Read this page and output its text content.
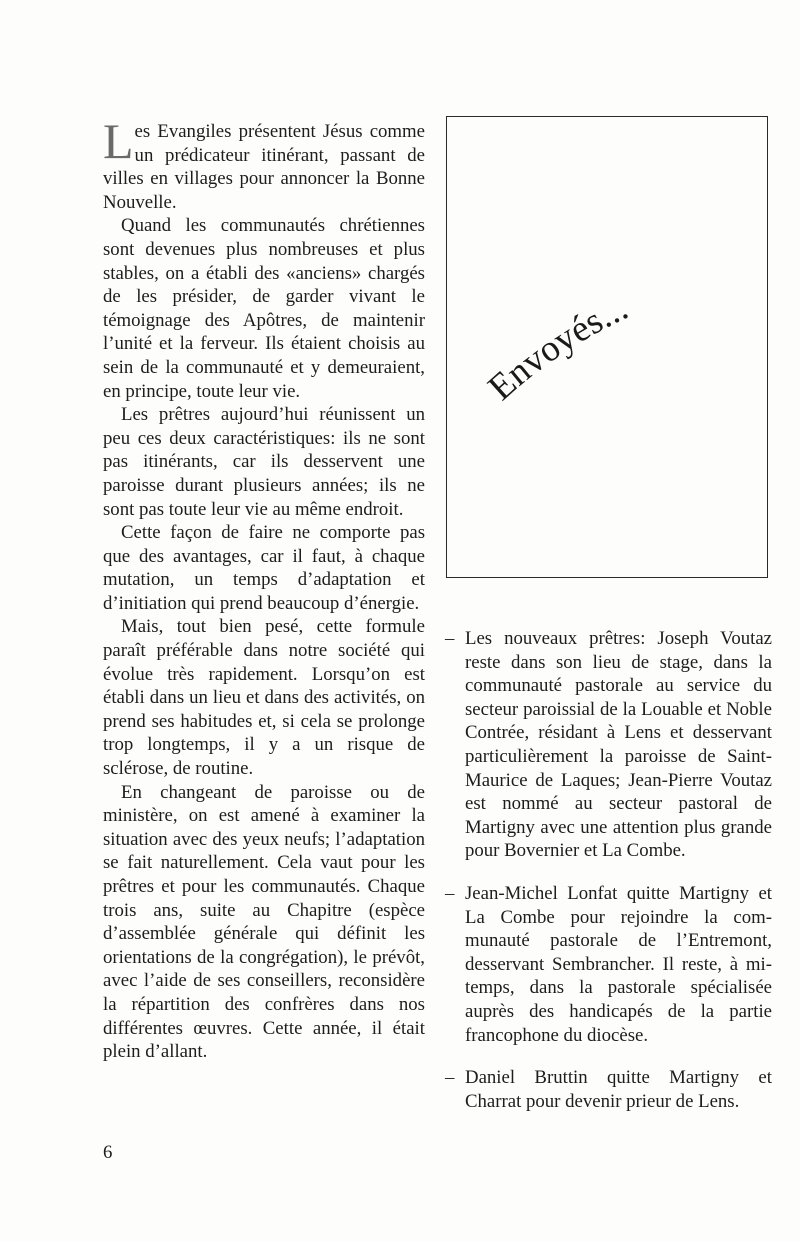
Les Evangiles présentent Jésus comme un prédicateur itinérant, passant de villes en villages pour annoncer la Bonne Nouvelle.

Quand les communautés chrétiennes sont devenues plus nombreuses et plus stables, on a établi des «anciens» chargés de les présider, de garder vivant le témoignage des Apôtres, de maintenir l’unité et la ferveur. Ils étaient choisis au sein de la communauté et y demeuraient, en principe, toute leur vie.

Les prêtres aujourd’hui réunissent un peu ces deux caractéristiques: ils ne sont pas itinérants, car ils desservent une paroisse durant plusieurs années; ils ne sont pas toute leur vie au même endroit.

Cette façon de faire ne comporte pas que des avantages, car il faut, à chaque mutation, un temps d’adaptation et d’initiation qui prend beaucoup d’énergie.

Mais, tout bien pesé, cette formule paraît préférable dans notre société qui évolue très rapidement. Lorsqu’on est établi dans un lieu et dans des activités, on prend ses habitudes et, si cela se prolonge trop longtemps, il y a un risque de sclérose, de routine.

En changeant de paroisse ou de ministère, on est amené à examiner la situation avec des yeux neufs; l’adaptation se fait naturellement. Cela vaut pour les prêtres et pour les communautés. Chaque trois ans, suite au Chapitre (espèce d’assemblée générale qui définit les orientations de la congrégation), le prévôt, avec l’aide de ses conseillers, reconsidère la répartition des confrères dans nos différentes œuvres. Cette année, il était plein d’allant.

Envoyés...
– Les nouveaux prêtres: Joseph Voutaz reste dans son lieu de stage, dans la communauté pastorale au service du secteur paroissial de la Louable et Noble Contrée, résidant à Lens et desservant particulièrement la paroisse de Saint-Maurice de Laques; Jean-Pierre Voutaz est nommé au secteur pastoral de Martigny avec une attention plus grande pour Bovernier et La Combe.
– Jean-Michel Lonfat quitte Martigny et La Combe pour rejoindre la communauté pastorale de l’Entremont, desservant Sembrancher. Il reste, à mi-temps, dans la pastorale spécialisée auprès des handicapés de la partie francophone du diocèse.
– Daniel Bruttin quitte Martigny et Charrat pour devenir prieur de Lens.
6
